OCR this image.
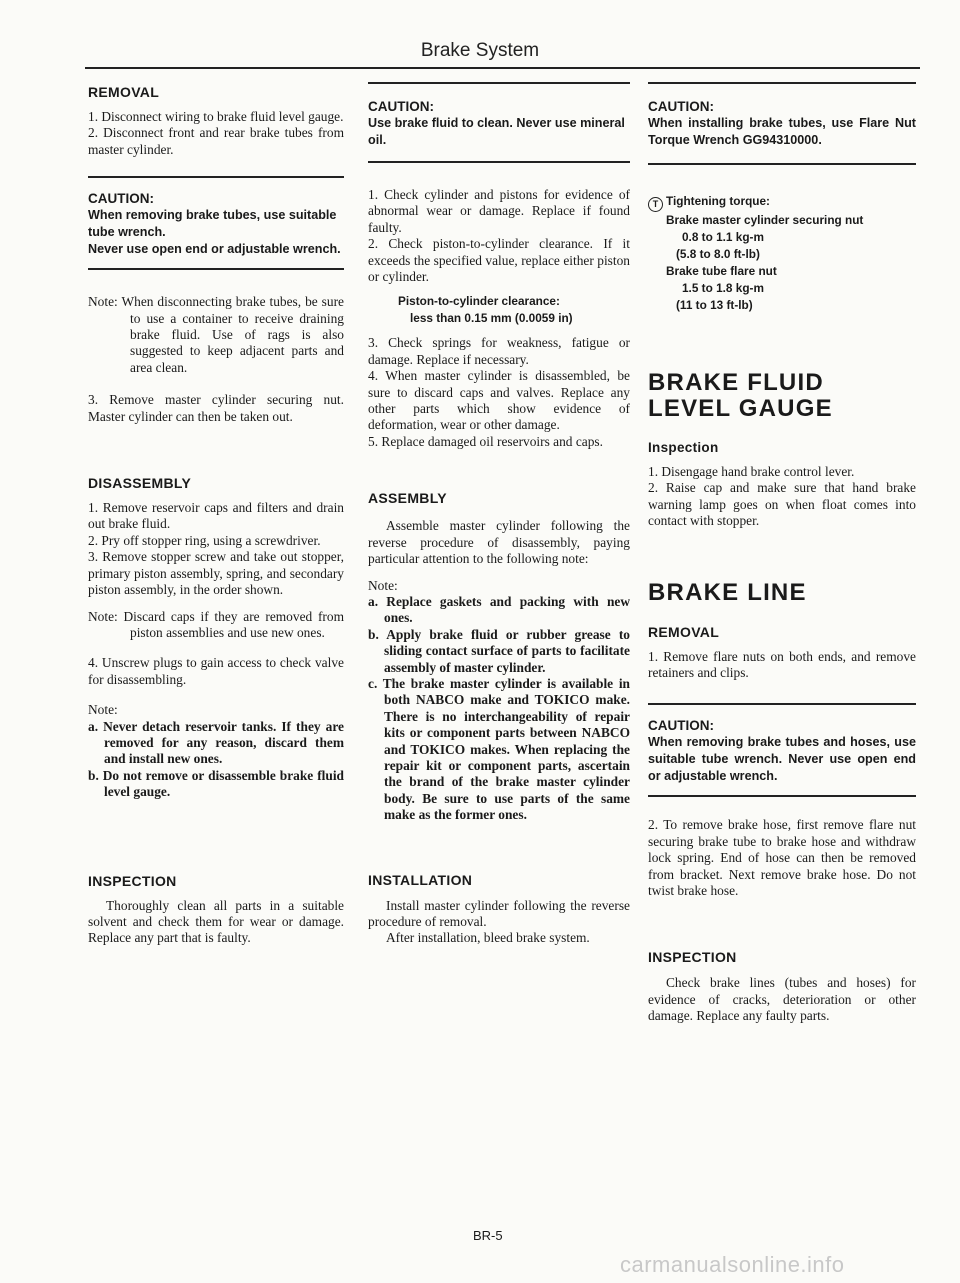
Brake System
REMOVAL

1. Disconnect wiring to brake fluid level gauge.

2. Disconnect front and rear brake tubes from master cylinder.

CAUTION:
When removing brake tubes, use suitable tube wrench.
Never use open end or adjustable wrench.

Note: When disconnecting brake tubes, be sure to use a container to receive draining brake fluid. Use of rags is also suggested to keep adjacent parts and area clean.

3. Remove master cylinder securing nut. Master cylinder can then be taken out.

DISASSEMBLY

1. Remove reservoir caps and filters and drain out brake fluid.

2. Pry off stopper ring, using a screwdriver.

3. Remove stopper screw and take out stopper, primary piston assembly, spring, and secondary piston assembly, in the order shown.

Note: Discard caps if they are removed from piston assemblies and use new ones.

4. Unscrew plugs to gain access to check valve for disassembling.

Note:

a. Never detach reservoir tanks. If they are removed for any reason, discard them and install new ones.

b. Do not remove or disassemble brake fluid level gauge.

INSPECTION

Thoroughly clean all parts in a suitable solvent and check them for wear or damage. Replace any part that is faulty.

CAUTION:
Use brake fluid to clean. Never use mineral oil.

1. Check cylinder and pistons for evidence of abnormal wear or damage. Replace if found faulty.

2. Check piston-to-cylinder clearance. If it exceeds the specified value, replace either piston or cylinder.

Piston-to-cylinder clearance:
less than 0.15 mm (0.0059 in)

3. Check springs for weakness, fatigue or damage. Replace if necessary.

4. When master cylinder is disassembled, be sure to discard caps and valves. Replace any other parts which show evidence of deformation, wear or other damage.

5. Replace damaged oil reservoirs and caps.

ASSEMBLY

Assemble master cylinder following the reverse procedure of disassembly, paying particular attention to the following note:

Note:

a. Replace gaskets and packing with new ones.

b. Apply brake fluid or rubber grease to sliding contact surface of parts to facilitate assembly of master cylinder.

c. The brake master cylinder is available in both NABCO make and TOKICO make. There is no interchangeability of repair kits or component parts between NABCO and TOKICO makes. When replacing the repair kit or component parts, ascertain the brand of the brake master cylinder body. Be sure to use parts of the same make as the former ones.

INSTALLATION

Install master cylinder following the reverse procedure of removal.

After installation, bleed brake system.

CAUTION:
When installing brake tubes, use Flare Nut Torque Wrench GG94310000.
T Tightening torque:
Brake master cylinder securing nut
0.8 to 1.1 kg-m
(5.8 to 8.0 ft-lb)
Brake tube flare nut
1.5 to 1.8 kg-m
(11 to 13 ft-lb)
BRAKE FLUID
LEVEL GAUGE
Inspection

1. Disengage hand brake control lever.

2. Raise cap and make sure that hand brake warning lamp goes on when float comes into contact with stopper.

BRAKE LINE
REMOVAL

1. Remove flare nuts on both ends, and remove retainers and clips.

CAUTION:
When removing brake tubes and hoses, use suitable tube wrench. Never use open end or adjustable wrench.

2. To remove brake hose, first remove flare nut securing brake tube to brake hose and withdraw lock spring. End of hose can then be removed from bracket. Next remove brake hose. Do not twist brake hose.

INSPECTION

Check brake lines (tubes and hoses) for evidence of cracks, deterioration or other damage. Replace any faulty parts.

BR-5
carmanualsonline.info
